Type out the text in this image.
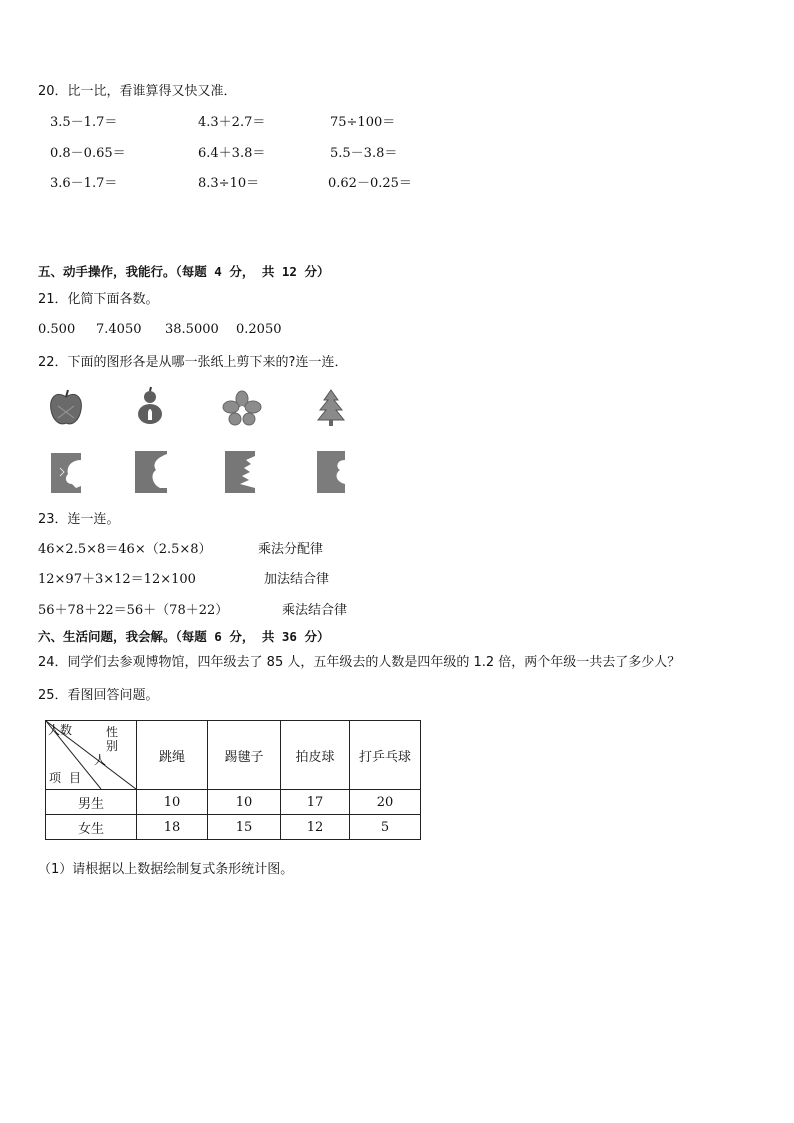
20．比一比，看谁算得又快又准．
3.5－1.7＝	4.3＋2.7＝	75÷100＝
0.8－0.65＝	6.4＋3.8＝	5.5－3.8＝
3.6－1.7＝	8.3÷10＝	0.62－0.25＝
五、动手操作，我能行。（每题 4 分， 共 12 分）
21．化简下面各数。
0.500 7.4050 38.5000 0.2050
22．下面的图形各是从哪一张纸上剪下来的?连一连．
23．连一连。
46×2.5×8＝46×（2.5×8）	乘法分配律
12×97＋3×12＝12×100	加法结合律
56＋78＋22＝56＋（78＋22）	乘法结合律
六、生活问题，我会解。（每题 6 分， 共 36 分）
24．同学们去参观博物馆，四年级去了 85 人，五年级去的人数是四年级的 1.2 倍，两个年级一共去了多少人？
25．看图回答问题。
性别
人数
人
项目	跳绳	踢毽子	拍皮球	打乒乓球
男生	10	10	17	20
女生	18	15	12	5
（1）请根据以上数据绘制复式条形统计图。
